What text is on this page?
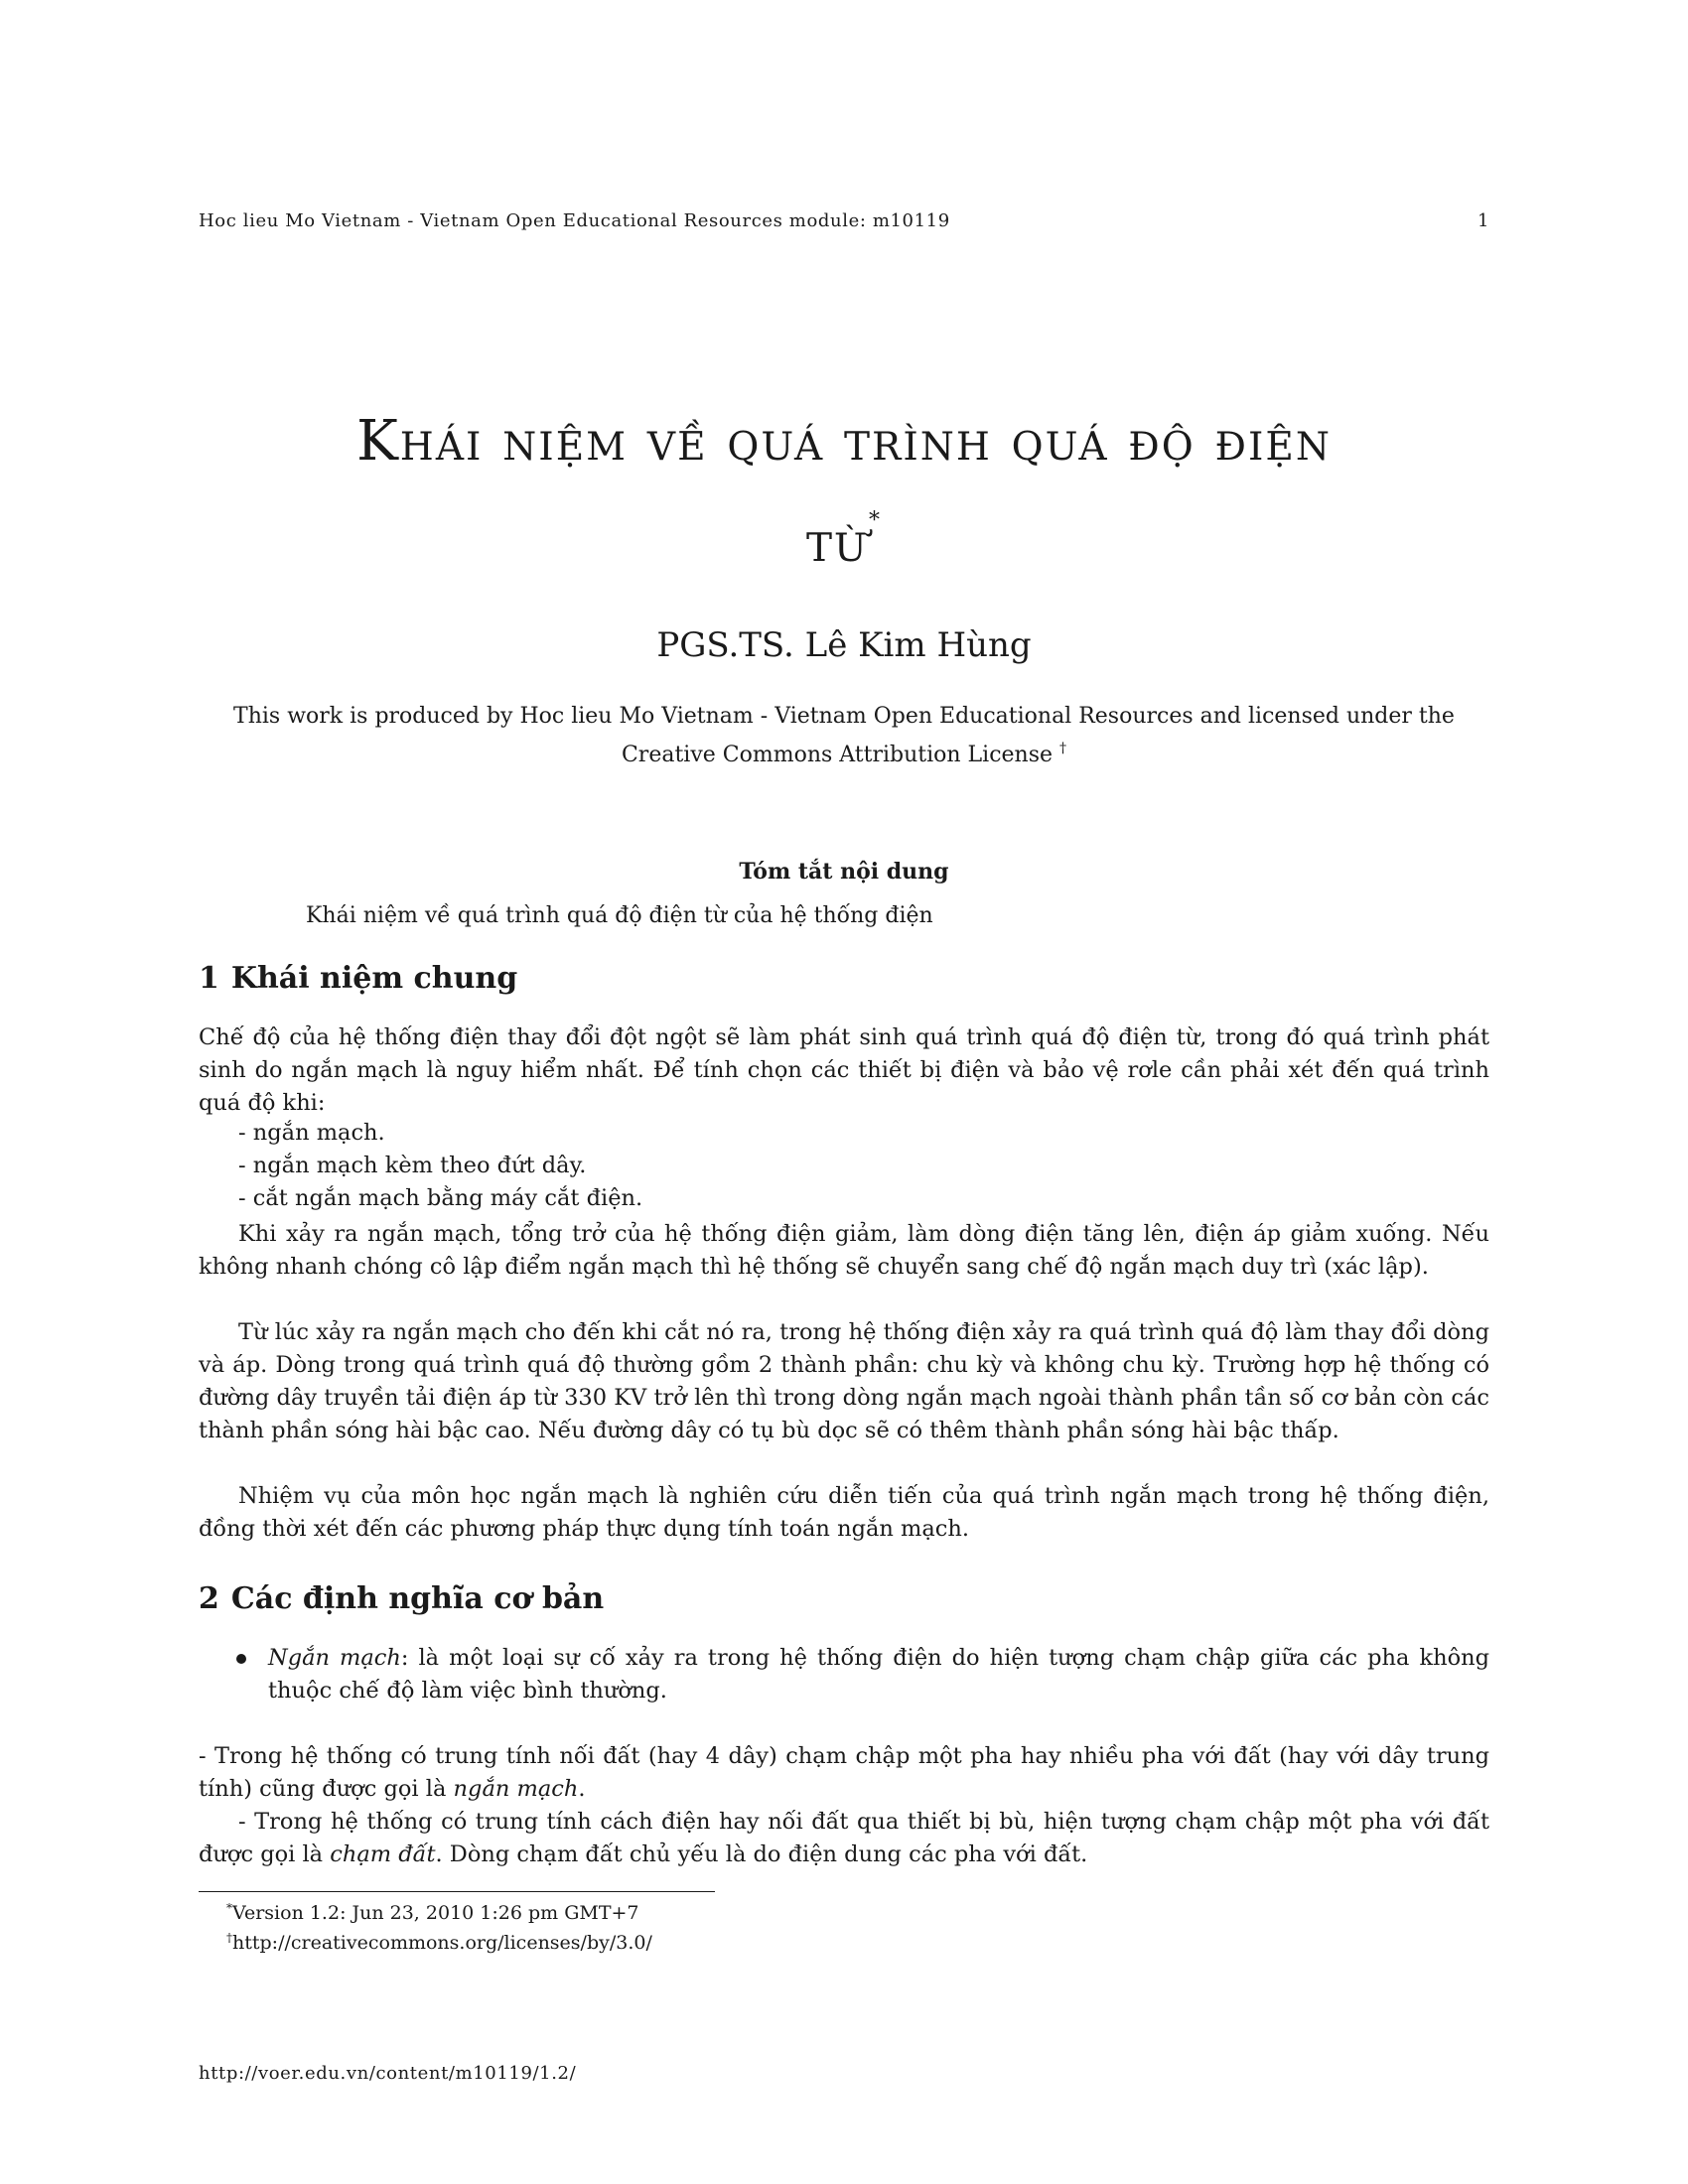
Hoc lieu Mo Vietnam - Vietnam Open Educational Resources module: m10119	1
Khái niệm về quá trình quá độ điện
từ*
PGS.TS. Lê Kim Hùng
This work is produced by Hoc lieu Mo Vietnam - Vietnam Open Educational Resources and licensed under the
Creative Commons Attribution License †
Tóm tắt nội dung
Khái niệm về quá trình quá độ điện từ của hệ thống điện
1 Khái niệm chung

Chế độ của hệ thống điện thay đổi đột ngột sẽ làm phát sinh quá trình quá độ điện từ, trong đó quá trình phát sinh do ngắn mạch là nguy hiểm nhất. Để tính chọn các thiết bị điện và bảo vệ rơle cần phải xét đến quá trình quá độ khi:

- ngắn mạch.
- ngắn mạch kèm theo đứt dây.
- cắt ngắn mạch bằng máy cắt điện.

Khi xảy ra ngắn mạch, tổng trở của hệ thống điện giảm, làm dòng điện tăng lên, điện áp giảm xuống. Nếu không nhanh chóng cô lập điểm ngắn mạch thì hệ thống sẽ chuyển sang chế độ ngắn mạch duy trì (xác lập).

Từ lúc xảy ra ngắn mạch cho đến khi cắt nó ra, trong hệ thống điện xảy ra quá trình quá độ làm thay đổi dòng và áp. Dòng trong quá trình quá độ thường gồm 2 thành phần: chu kỳ và không chu kỳ. Trường hợp hệ thống có đường dây truyền tải điện áp từ 330 KV trở lên thì trong dòng ngắn mạch ngoài thành phần tần số cơ bản còn các thành phần sóng hài bậc cao. Nếu đường dây có tụ bù dọc sẽ có thêm thành phần sóng hài bậc thấp.

Nhiệm vụ của môn học ngắn mạch là nghiên cứu diễn tiến của quá trình ngắn mạch trong hệ thống điện, đồng thời xét đến các phương pháp thực dụng tính toán ngắn mạch.

2 Các định nghĩa cơ bản

Ngắn mạch: là một loại sự cố xảy ra trong hệ thống điện do hiện tượng chạm chập giữa các pha không thuộc chế độ làm việc bình thường.

- Trong hệ thống có trung tính nối đất (hay 4 dây) chạm chập một pha hay nhiều pha với đất (hay với dây trung tính) cũng được gọi là ngắn mạch.

- Trong hệ thống có trung tính cách điện hay nối đất qua thiết bị bù, hiện tượng chạm chập một pha với đất được gọi là chạm đất. Dòng chạm đất chủ yếu là do điện dung các pha với đất.

*Version 1.2: Jun 23, 2010 1:26 pm GMT+7
†http://creativecommons.org/licenses/by/3.0/
http://voer.edu.vn/content/m10119/1.2/
